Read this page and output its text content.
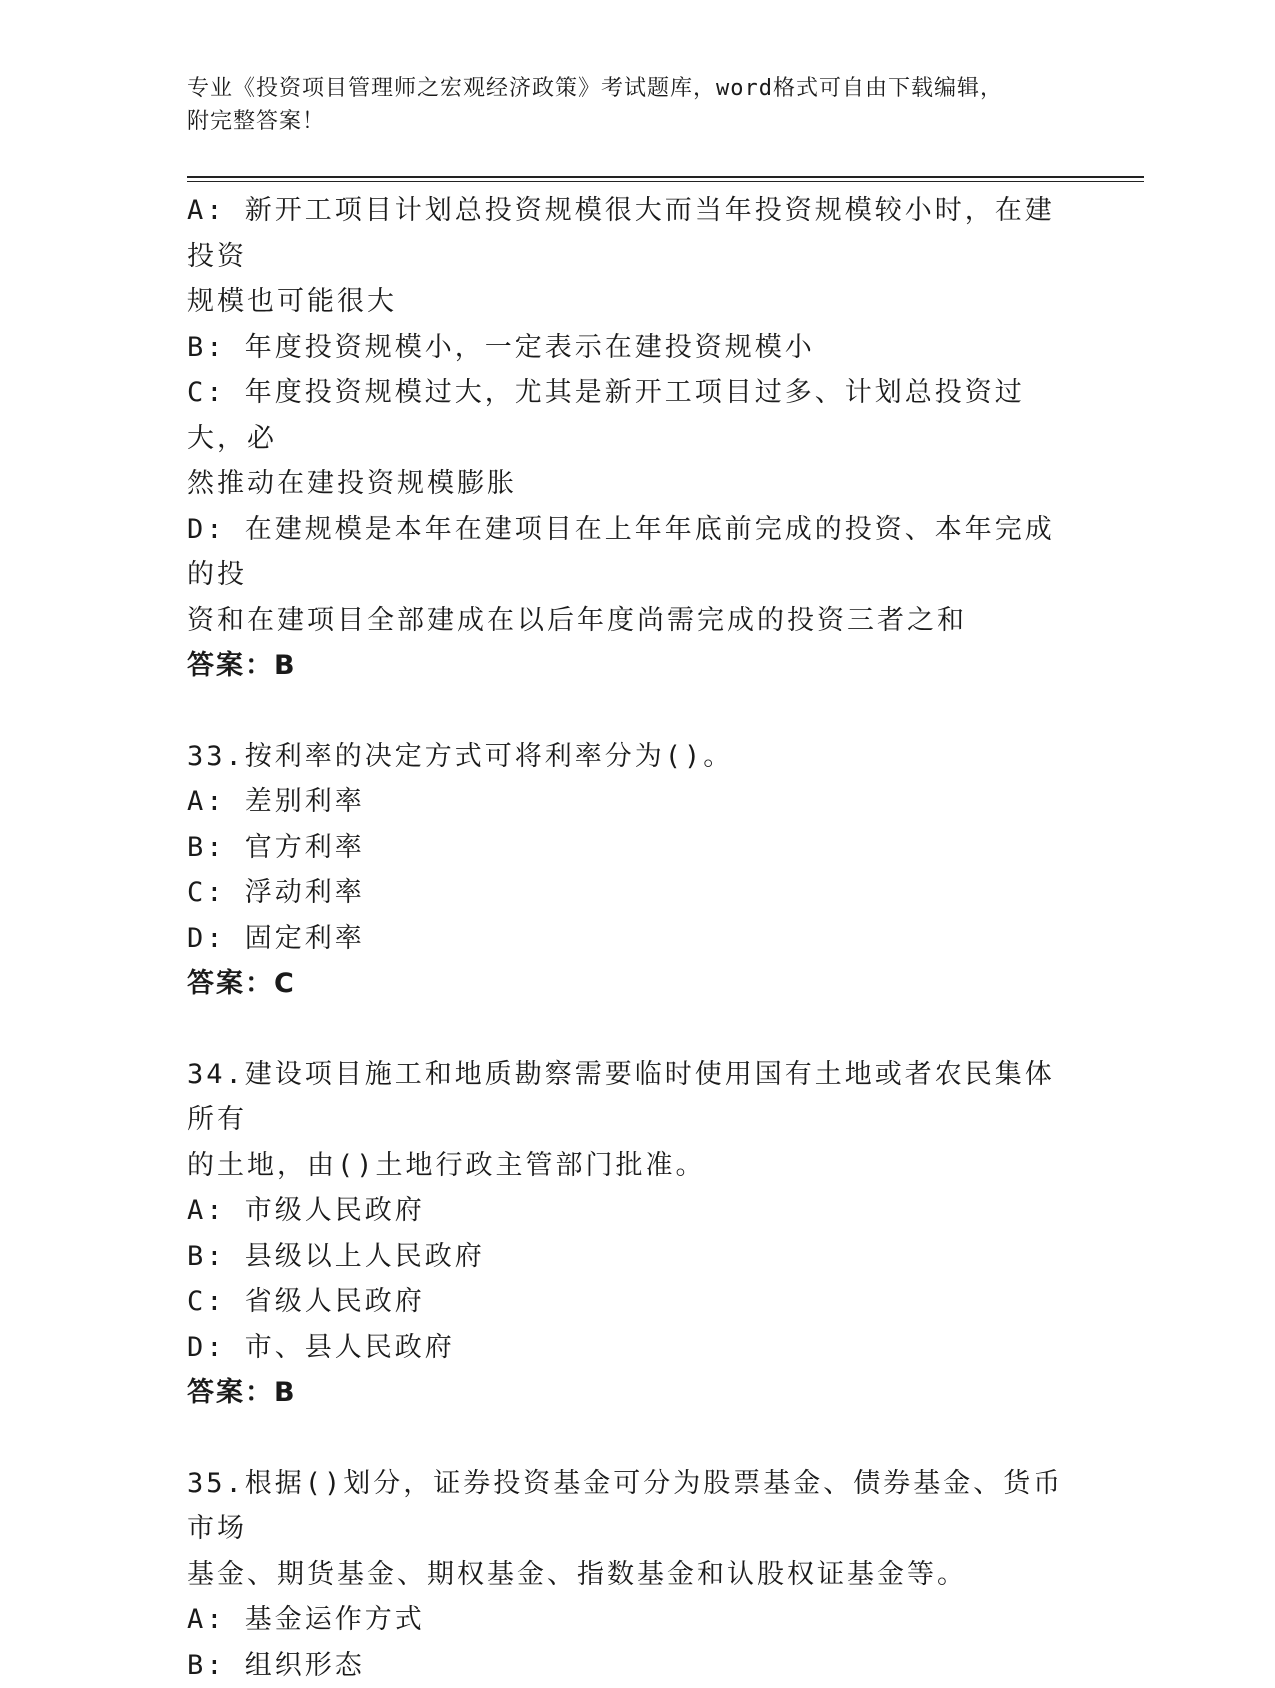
专业《投资项目管理师之宏观经济政策》考试题库，word格式可自由下载编辑，
附完整答案！
A: 新开工项目计划总投资规模很大而当年投资规模较小时，在建投资
规模也可能很大
B: 年度投资规模小，一定表示在建投资规模小
C: 年度投资规模过大，尤其是新开工项目过多、计划总投资过大，必
然推动在建投资规模膨胀
D: 在建规模是本年在建项目在上年年底前完成的投资、本年完成的投
资和在建项目全部建成在以后年度尚需完成的投资三者之和
答案：B
33.按利率的决定方式可将利率分为()。
A: 差别利率
B: 官方利率
C: 浮动利率
D: 固定利率
答案：C
34.建设项目施工和地质勘察需要临时使用国有土地或者农民集体所有
的土地，由()土地行政主管部门批准。
A: 市级人民政府
B: 县级以上人民政府
C: 省级人民政府
D: 市、县人民政府
答案：B
35.根据()划分，证券投资基金可分为股票基金、债券基金、货币市场
基金、期货基金、期权基金、指数基金和认股权证基金等。
A: 基金运作方式
B: 组织形态
